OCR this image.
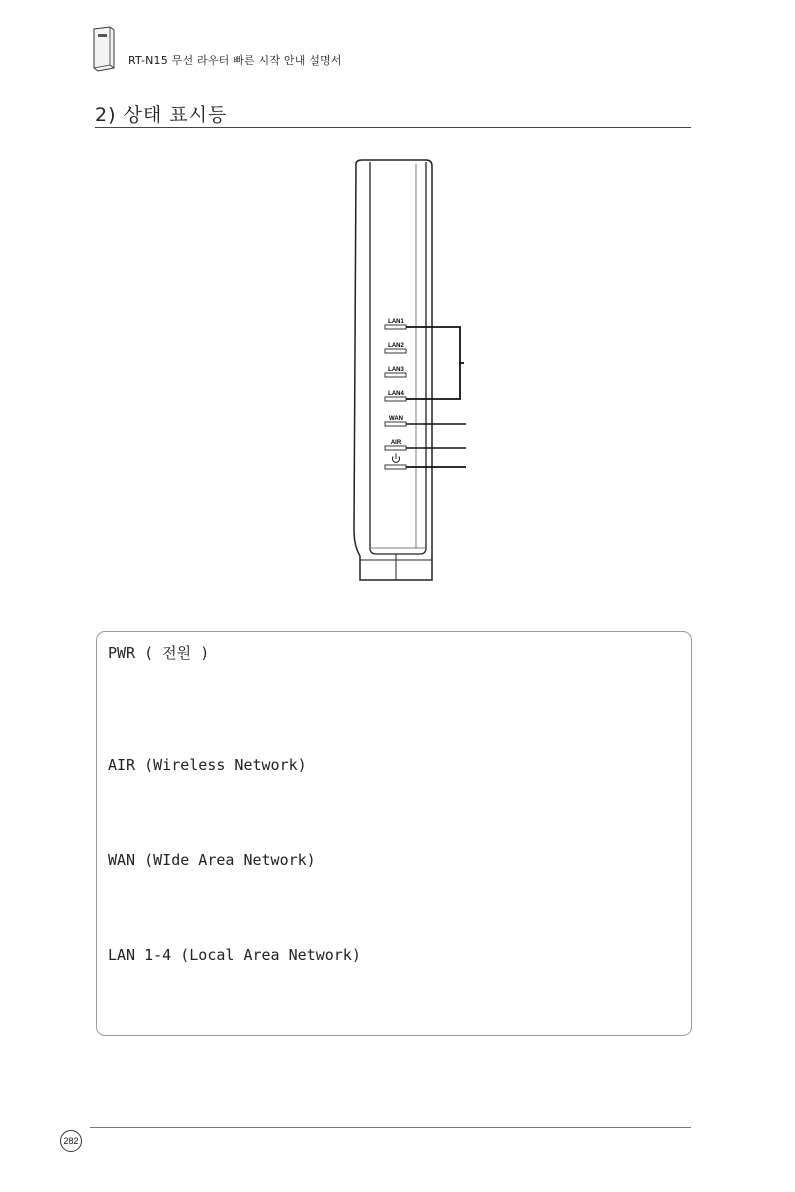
RT-N15 무선 라우터 빠른 시작 안내 설명서
2) 상태 표시등
LAN1
LAN2
LAN3
LAN4
WAN
AIR
PWR ( 전원 )
AIR (Wireless Network)
WAN (WIde Area Network)
LAN 1-4 (Local Area Network)
282
